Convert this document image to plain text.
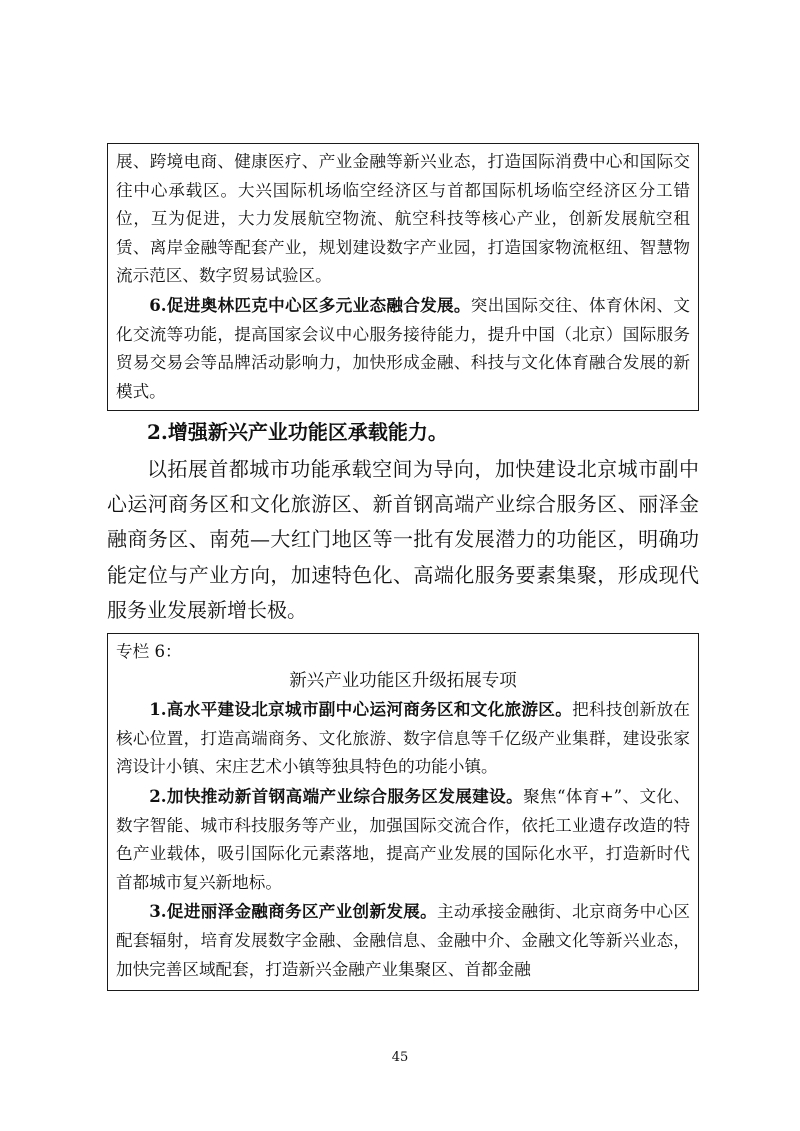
展、跨境电商、健康医疗、产业金融等新兴业态，打造国际消费中心和国际交往中心承载区。大兴国际机场临空经济区与首都国际机场临空经济区分工错位，互为促进，大力发展航空物流、航空科技等核心产业，创新发展航空租赁、离岸金融等配套产业，规划建设数字产业园，打造国家物流枢纽、智慧物流示范区、数字贸易试验区。

6.促进奥林匹克中心区多元业态融合发展。突出国际交往、体育休闲、文化交流等功能，提高国家会议中心服务接待能力，提升中国（北京）国际服务贸易交易会等品牌活动影响力，加快形成金融、科技与文化体育融合发展的新模式。

2.增强新兴产业功能区承载能力。

以拓展首都城市功能承载空间为导向，加快建设北京城市副中心运河商务区和文化旅游区、新首钢高端产业综合服务区、丽泽金融商务区、南苑—大红门地区等一批有发展潜力的功能区，明确功能定位与产业方向，加速特色化、高端化服务要素集聚，形成现代服务业发展新增长极。

专栏 6：

新兴产业功能区升级拓展专项

1.高水平建设北京城市副中心运河商务区和文化旅游区。把科技创新放在核心位置，打造高端商务、文化旅游、数字信息等千亿级产业集群，建设张家湾设计小镇、宋庄艺术小镇等独具特色的功能小镇。

2.加快推动新首钢高端产业综合服务区发展建设。聚焦“体育+”、文化、数字智能、城市科技服务等产业，加强国际交流合作，依托工业遗存改造的特色产业载体，吸引国际化元素落地，提高产业发展的国际化水平，打造新时代首都城市复兴新地标。

3.促进丽泽金融商务区产业创新发展。主动承接金融街、北京商务中心区配套辐射，培育发展数字金融、金融信息、金融中介、金融文化等新兴业态，加快完善区域配套，打造新兴金融产业集聚区、首都金融

45
